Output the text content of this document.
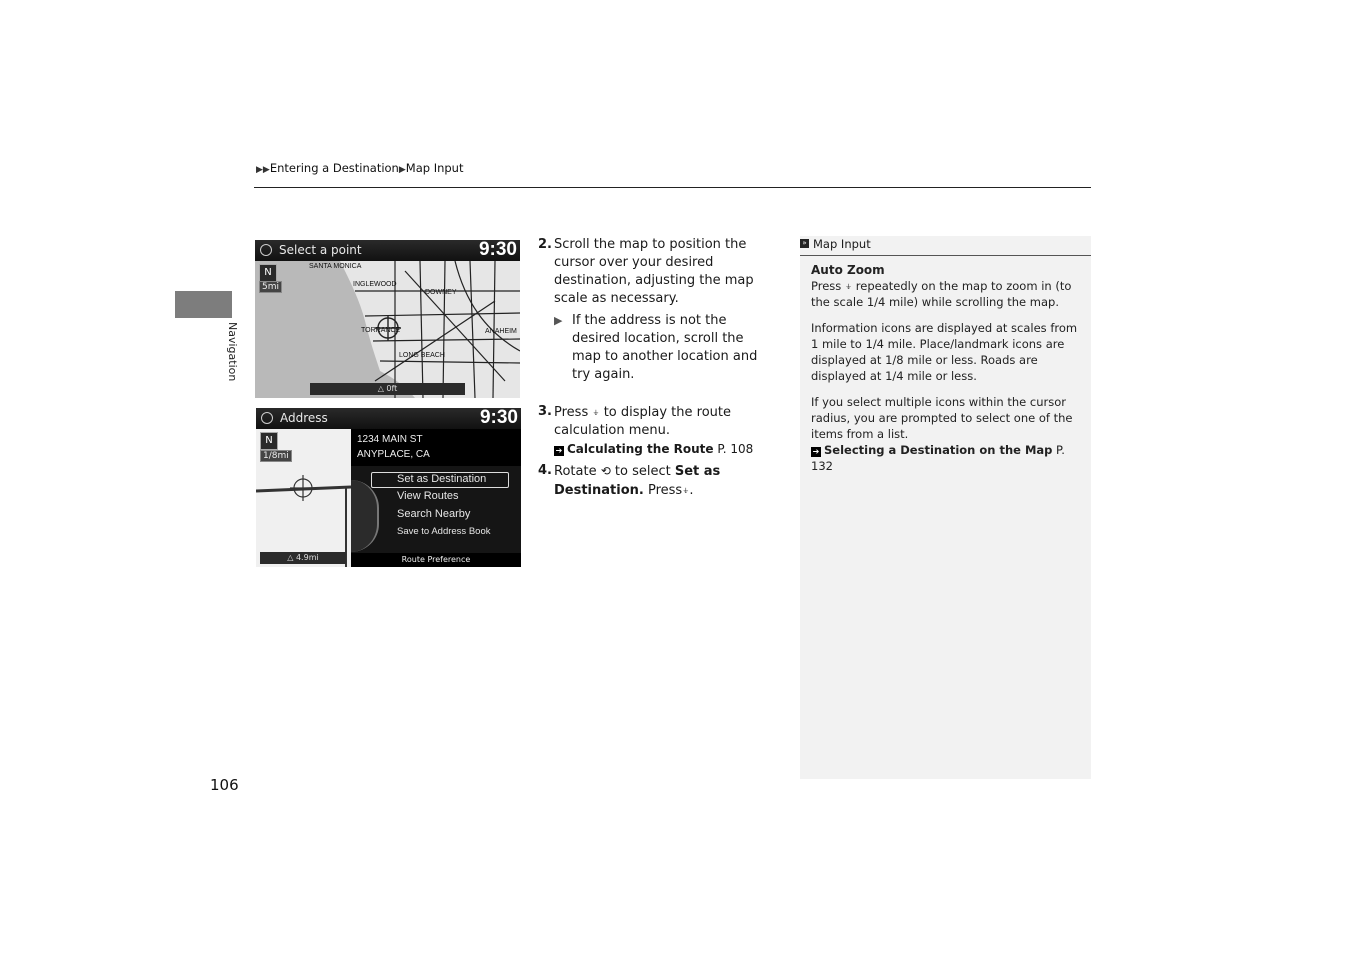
▶▶Entering a Destination▶Map Input
Navigation
Select a point	9:30
N
5mi
SANTA MONICA
INGLEWOOD
DOWNEY
TORRANCE	ANAHEIM
LONG BEACH
△ 0ft
Address	9:30
N
1/8mi
△ 4.9mi
1234 MAIN ST
ANYPLACE, CA
Set as Destination
View Routes
Search Nearby
Save to Address Book
Route Preference
2. Scroll the map to position the cursor over your desired destination, adjusting the map scale as necessary.
▶ If the address is not the desired location, scroll the map to another location and try again.
3. Press ⍖ to display the route calculation menu.
➔ Calculating the Route P. 108
4. Rotate ⟲ to select Set as Destination. Press⍖.
» Map Input
Auto Zoom
Press ⍖ repeatedly on the map to zoom in (to the scale 1/4 mile) while scrolling the map.
Information icons are displayed at scales from 1 mile to 1/4 mile. Place/landmark icons are displayed at 1/8 mile or less. Roads are displayed at 1/4 mile or less.
If you select multiple icons within the cursor radius, you are prompted to select one of the items from a list.
➔ Selecting a Destination on the Map P. 132
106
